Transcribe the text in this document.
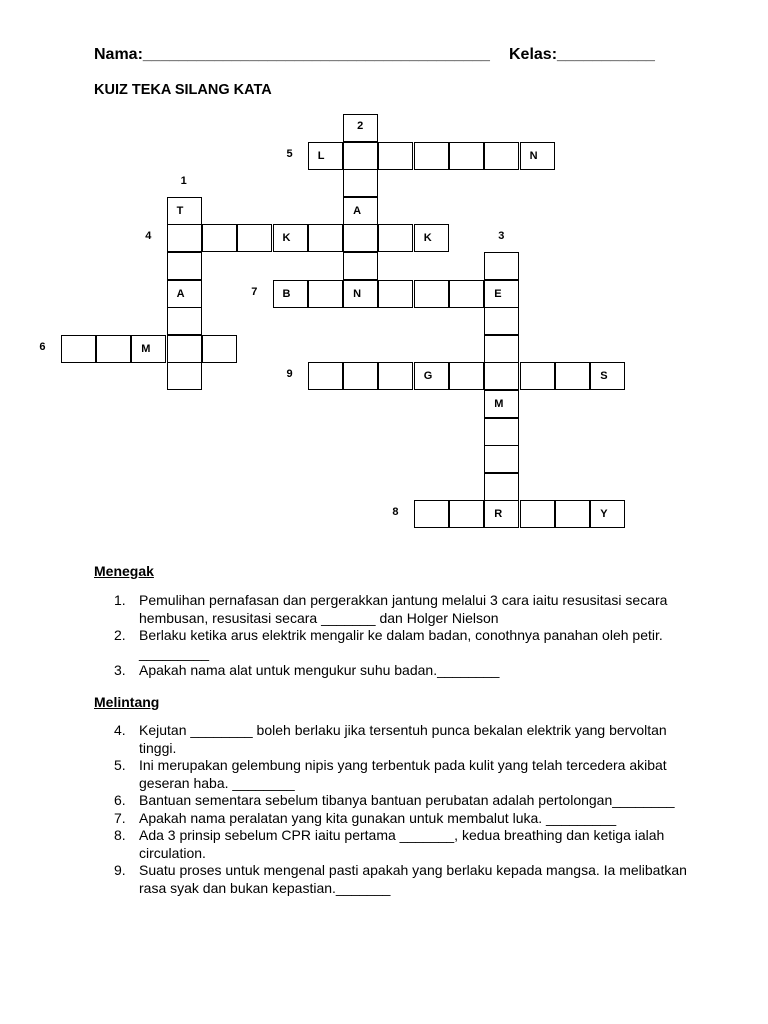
Nama:_______________________________________ Kelas:___________
KUIZ TEKA SILANG KATA
L	N
T	A
K	K
A	B	N	E
M
G	S
M
R	Y
2
5
1
4	3
7
6
9
8
Menegak
1. Pemulihan pernafasan dan pergerakkan jantung melalui 3 cara iaitu resusitasi secara hembusan, resusitasi secara _______ dan Holger Nielson
2. Berlaku ketika arus elektrik mengalir ke dalam badan, conothnya panahan oleh petir. _________
3. Apakah nama alat untuk mengukur suhu badan.________
Melintang
4. Kejutan ________ boleh berlaku jika tersentuh punca bekalan elektrik yang bervoltan tinggi.
5. Ini merupakan gelembung nipis yang terbentuk pada kulit yang telah tercedera akibat geseran haba. ________
6. Bantuan sementara sebelum tibanya bantuan perubatan adalah pertolongan________
7. Apakah nama peralatan yang kita gunakan untuk membalut luka. _________
8. Ada 3 prinsip sebelum CPR iaitu pertama _______, kedua breathing dan ketiga ialah circulation.
9. Suatu proses untuk mengenal pasti apakah yang berlaku kepada mangsa. Ia melibatkan rasa syak dan bukan kepastian._______
